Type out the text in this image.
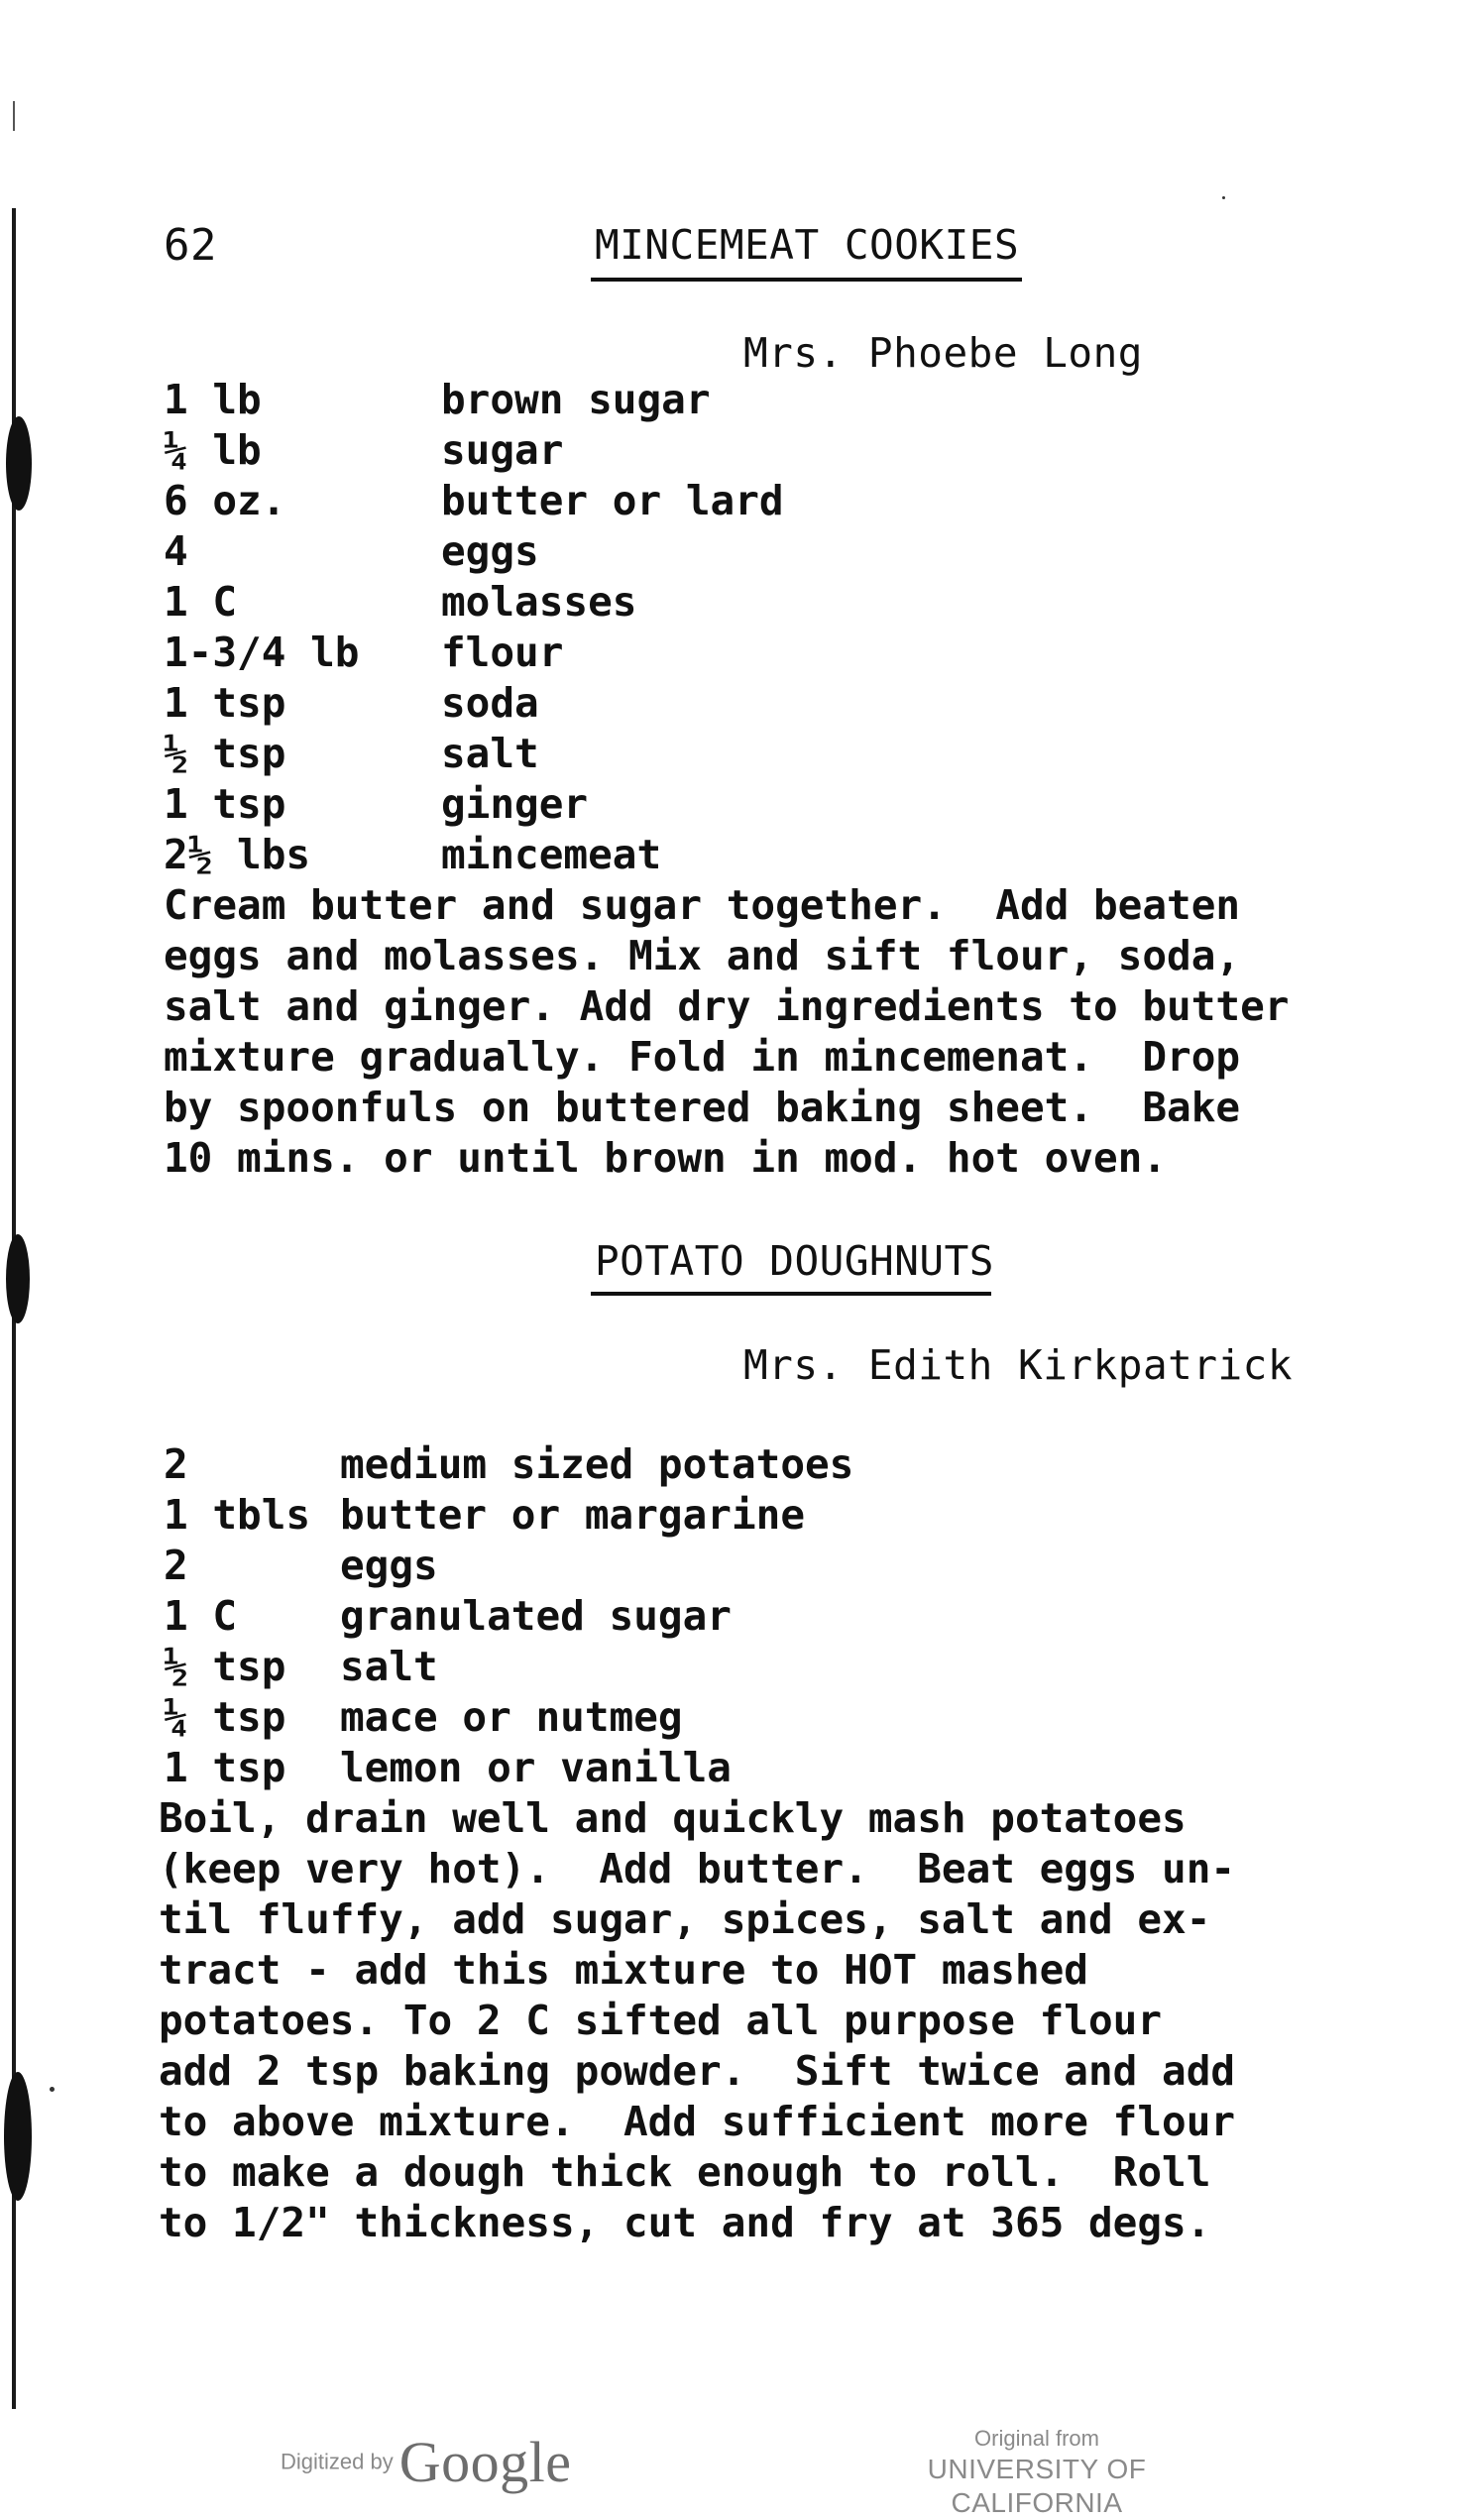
62	MINCEMEAT COOKIES
Mrs. Phoebe Long
1 lb	brown sugar
¼ lb	sugar
6 oz.	butter or lard
4	eggs
1 C	molasses
1-3/4 lb flour
1 tsp	soda
½ tsp	salt
1 tsp	ginger
2½ lbs	mincemeat
Cream butter and sugar together.  Add beaten
eggs and molasses. Mix and sift flour, soda,
salt and ginger. Add dry ingredients to butter
mixture gradually. Fold in mincemenat.  Drop
by spoonfuls on buttered baking sheet.  Bake
10 mins. or until brown in mod. hot oven.
POTATO DOUGHNUTS
Mrs. Edith Kirkpatrick
2	medium sized potatoes
1 tbls butter or margarine
2	eggs
1 C	granulated sugar
½ tsp salt
¼ tsp mace or nutmeg
1 tsp lemon or vanilla
Boil, drain well and quickly mash potatoes
(keep very hot).  Add butter.  Beat eggs un-
til fluffy, add sugar, spices, salt and ex-
tract - add this mixture to HOT mashed
potatoes. To 2 C sifted all purpose flour
add 2 tsp baking powder.  Sift twice and add
to above mixture.  Add sufficient more flour
to make a dough thick enough to roll.  Roll
to 1/2" thickness, cut and fry at 365 degs.
Digitized by Google	Original from
UNIVERSITY OF CALIFORNIA
